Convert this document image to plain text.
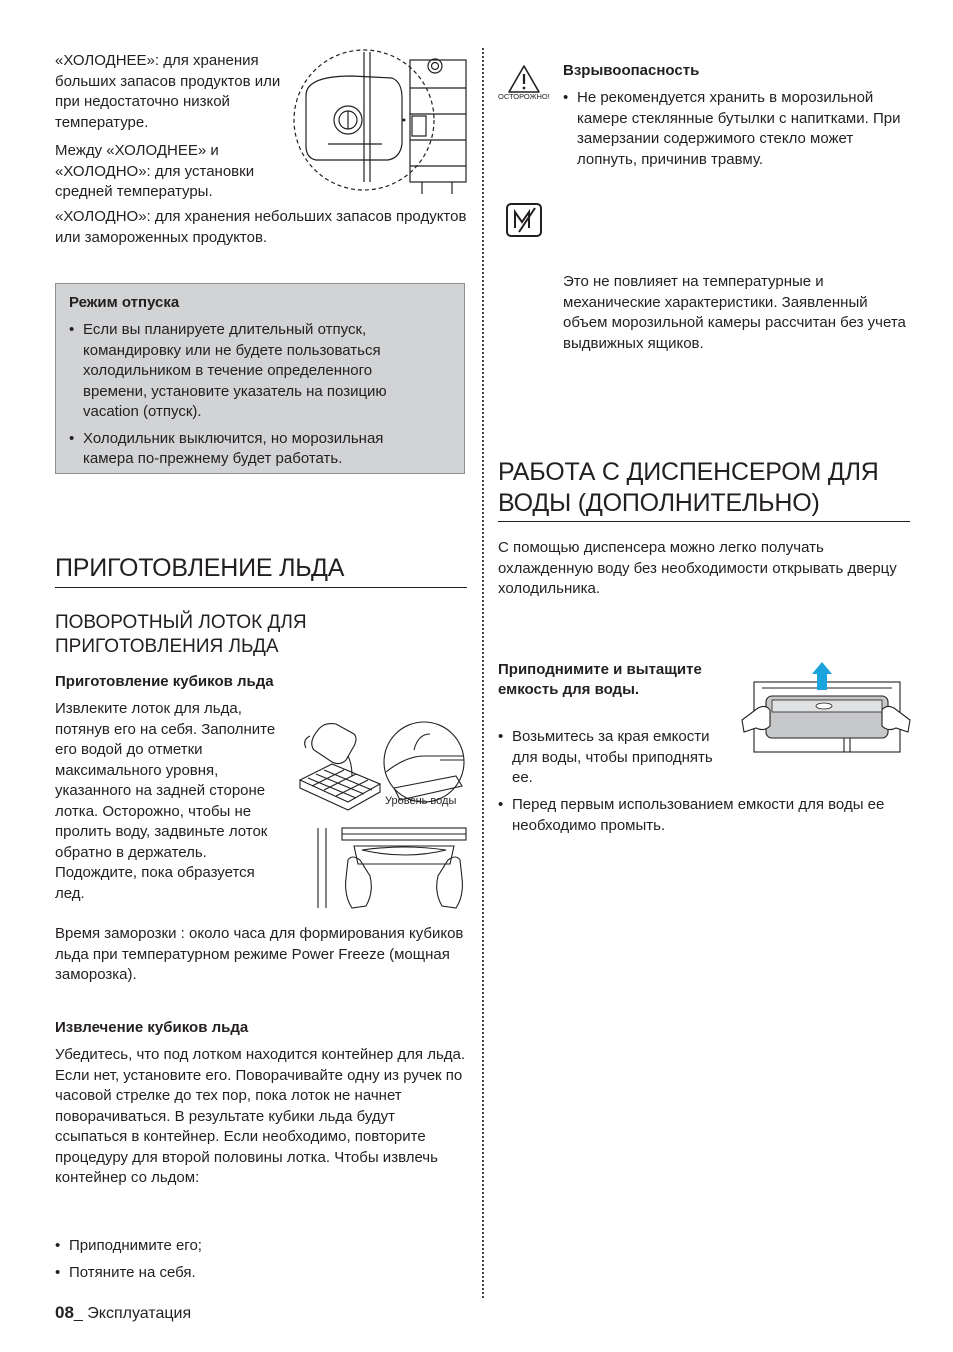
«ХОЛОДНЕЕ»: для хранения больших запасов продуктов или при недостаточно низкой температуре.

Между «ХОЛОДНЕЕ» и «ХОЛОДНО»: для установки средней температуры.

«ХОЛОДНО»: для хранения небольших запасов продуктов или замороженных продуктов.
Режим отпуска
• Если вы планируете длительный отпуск, командировку или не будете пользоваться холодильником в течение определенного времени, установите указатель на позицию vacation (отпуск).
• Холодильник выключится, но морозильная камера по-прежнему будет работать.
ПРИГОТОВЛЕНИЕ ЛЬДА
ПОВОРОТНЫЙ ЛОТОК ДЛЯ ПРИГОТОВЛЕНИЯ ЛЬДА
Приготовление кубиков льда
Извлеките лоток для льда, потянув его на себя. Заполните его водой до отметки максимального уровня, указанного на задней стороне лотка. Осторожно, чтобы не пролить воду, задвиньте лоток обратно в держатель. Подождите, пока образуется лед.
Уровень воды
Время заморозки : около часа для формирования кубиков льда при температурном режиме Power Freeze (мощная заморозка).
Извлечение кубиков льда
Убедитесь, что под лотком находится контейнер для льда. Если нет, установите его. Поворачивайте одну из ручек по часовой стрелке до тех пор, пока лоток не начнет поворачиваться. В результате кубики льда будут ссыпаться в контейнер. Если необходимо, повторите процедуру для второй половины лотка. Чтобы извлечь контейнер со льдом:
• Приподнимите его;
• Потяните на себя.
08_ Эксплуатация
ОСТОРОЖНО!
Взрывоопасность
• Не рекомендуется хранить в морозильной камере стеклянные бутылки с напитками. При замерзании содержимого стекло может лопнуть, причинив травму.
Это не повлияет на температурные и механические характеристики. Заявленный объем морозильной камеры рассчитан без учета выдвижных ящиков.
РАБОТА С ДИСПЕНСЕРОМ ДЛЯ ВОДЫ (ДОПОЛНИТЕЛЬНО)
С помощью диспенсера можно легко получать охлажденную воду без необходимости открывать дверцу холодильника.
Приподнимите и вытащите емкость для воды.
• Возьмитесь за края емкости для воды, чтобы приподнять ее.
• Перед первым использованием емкости для воды ее необходимо промыть.
